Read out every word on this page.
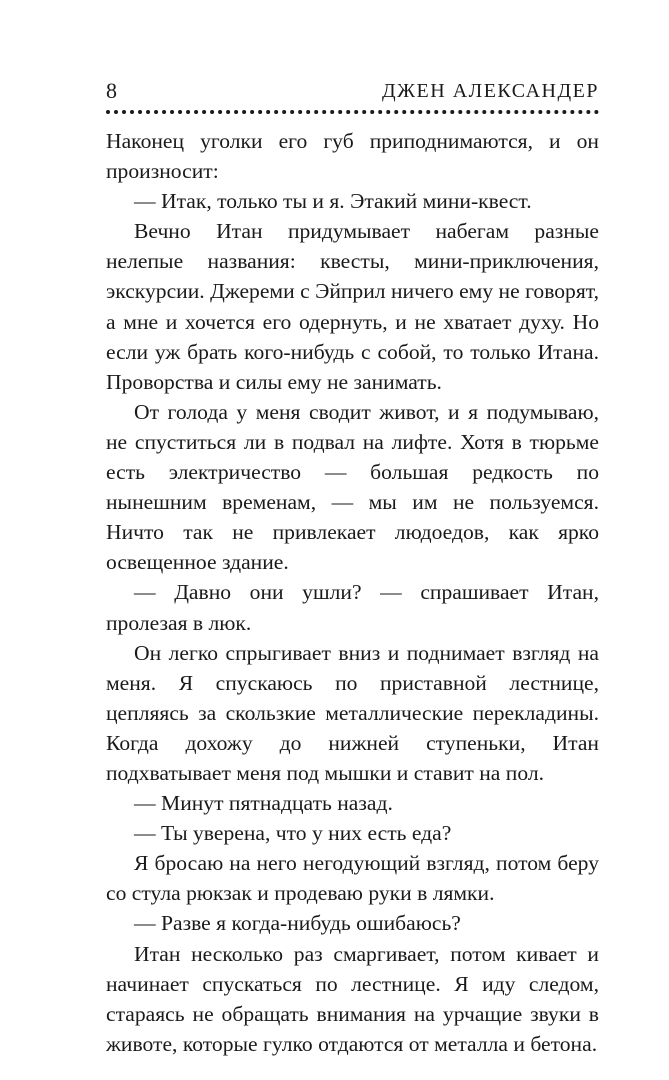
8	ДЖЕН АЛЕКСАНДЕР

Наконец уголки его губ приподнимаются, и он произносит:

— Итак, только ты и я. Этакий мини-квест.

Вечно Итан придумывает набегам разные нелепые названия: квесты, мини-приключения, экскурсии. Джереми с Эйприл ничего ему не говорят, а мне и хочется его одернуть, и не хватает духу. Но если уж брать кого-нибудь с собой, то только Итана. Проворства и силы ему не занимать.

От голода у меня сводит живот, и я подумываю, не спуститься ли в подвал на лифте. Хотя в тюрьме есть электричество — большая редкость по нынешним временам, — мы им не пользуемся. Ничто так не привлекает людоедов, как ярко освещенное здание.

— Давно они ушли? — спрашивает Итан, пролезая в люк.

Он легко спрыгивает вниз и поднимает взгляд на меня. Я спускаюсь по приставной лестнице, цепляясь за скользкие металлические перекладины. Когда дохожу до нижней ступеньки, Итан подхватывает меня под мышки и ставит на пол.

— Минут пятнадцать назад.

— Ты уверена, что у них есть еда?

Я бросаю на него негодующий взгляд, потом беру со стула рюкзак и продеваю руки в лямки.

— Разве я когда-нибудь ошибаюсь?

Итан несколько раз смаргивает, потом кивает и начинает спускаться по лестнице. Я иду следом, стараясь не обращать внимания на урчащие звуки в животе, которые гулко отдаются от металла и бетона.
